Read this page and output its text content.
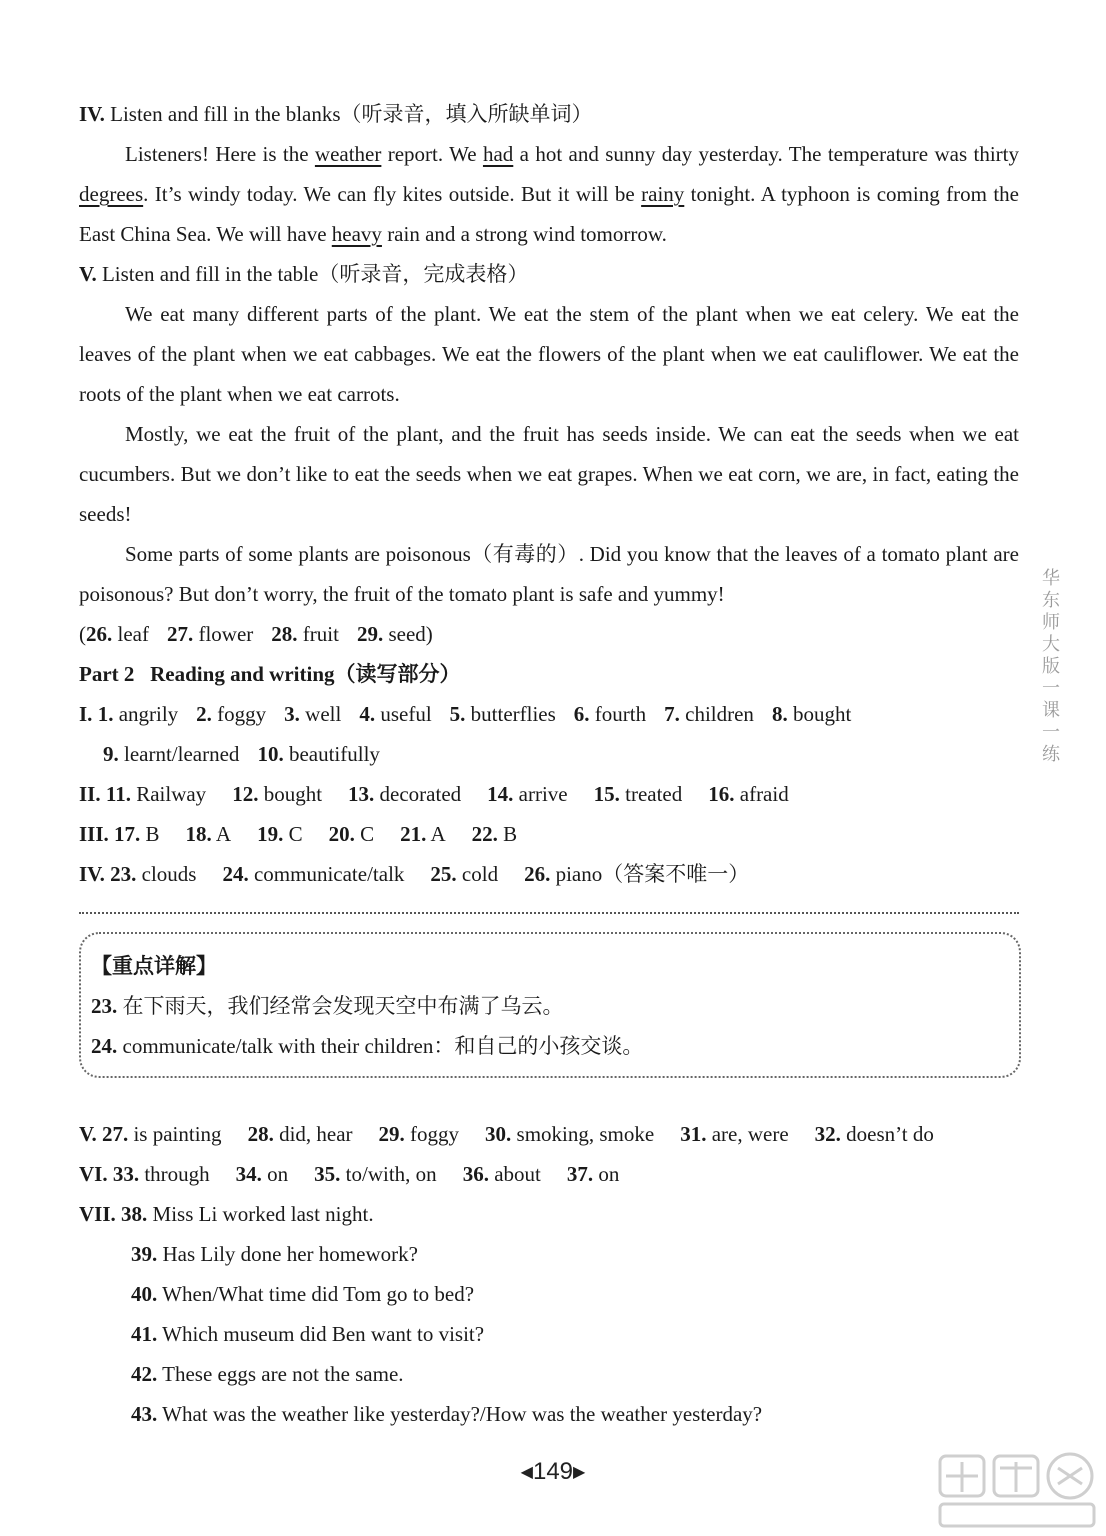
IV. Listen and fill in the blanks（听录音，填入所缺单词）

Listeners! Here is the weather report. We had a hot and sunny day yesterday. The temperature was thirty degrees. It’s windy today. We can fly kites outside. But it will be rainy tonight. A typhoon is coming from the East China Sea. We will have heavy rain and a strong wind tomorrow.

V. Listen and fill in the table（听录音，完成表格）

We eat many different parts of the plant. We eat the stem of the plant when we eat celery. We eat the leaves of the plant when we eat cabbages. We eat the flowers of the plant when we eat cauliflower. We eat the roots of the plant when we eat carrots.

Mostly, we eat the fruit of the plant, and the fruit has seeds inside. We can eat the seeds when we eat cucumbers. But we don’t like to eat the seeds when we eat grapes. When we eat corn, we are, in fact, eating the seeds!

Some parts of some plants are poisonous（有毒的）. Did you know that the leaves of a tomato plant are poisonous? But don’t worry, the fruit of the tomato plant is safe and yummy!

(26. leaf 27. flower 28. fruit 29. seed)

Part 2   Reading and writing（读写部分）

I. 1. angrily 2. foggy 3. well 4. useful 5. butterflies 6. fourth 7. children 8. bought

9. learnt/learned 10. beautifully

II. 11. Railway 12. bought 13. decorated 14. arrive 15. treated 16. afraid

III. 17. B 18. A 19. C 20. C 21. A 22. B

IV. 23. clouds 24. communicate/talk 25. cold 26. piano（答案不唯一）

【重点详解】

23. 在下雨天，我们经常会发现天空中布满了乌云。

24. communicate/talk with their children：和自己的小孩交谈。

V. 27. is painting 28. did, hear 29. foggy 30. smoking, smoke 31. are, were 32. doesn’t do

VI. 33. through 34. on 35. to/with, on 36. about 37. on

VII. 38. Miss Li worked last night.

39. Has Lily done her homework?

40. When/What time did Tom go to bed?

41. Which museum did Ben want to visit?

42. These eggs are not the same.

43. What was the weather like yesterday?/How was the weather yesterday?

华东师大版一课一练
◀149▶
